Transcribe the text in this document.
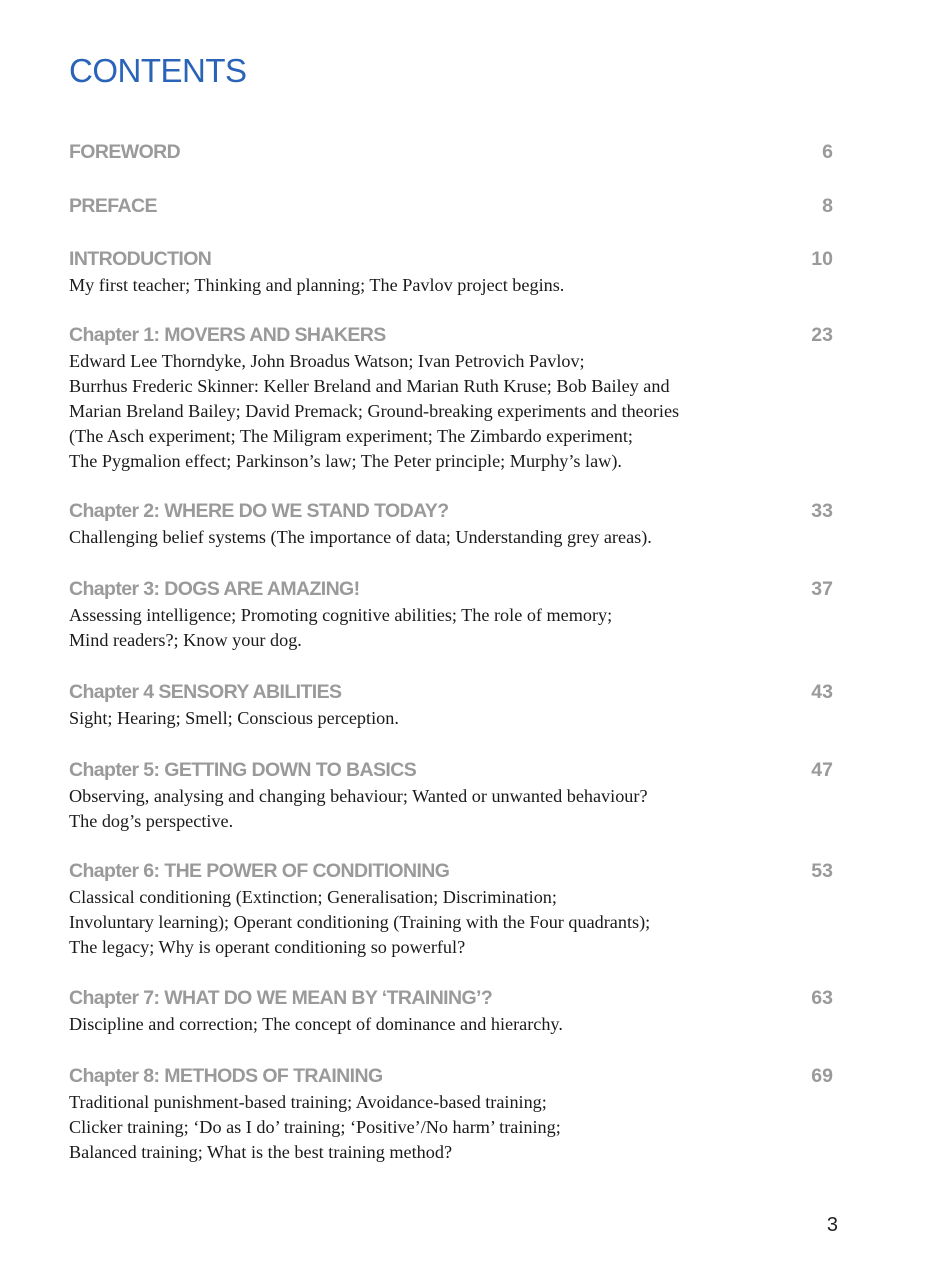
CONTENTS
FOREWORD	6
PREFACE	8
INTRODUCTION	10
My first teacher; Thinking and planning; The Pavlov project begins.
Chapter 1: MOVERS AND SHAKERS	23
Edward Lee Thorndyke, John Broadus Watson; Ivan Petrovich Pavlov;
Burrhus Frederic Skinner: Keller Breland and Marian Ruth Kruse; Bob Bailey and
Marian Breland Bailey; David Premack; Ground-breaking experiments and theories
(The Asch experiment; The Miligram experiment; The Zimbardo experiment;
The Pygmalion effect; Parkinson’s law; The Peter principle; Murphy’s law).
Chapter 2: WHERE DO WE STAND TODAY?	33
Challenging belief systems (The importance of data; Understanding grey areas).
Chapter 3: DOGS ARE AMAZING!	37
Assessing intelligence; Promoting cognitive abilities; The role of memory;
Mind readers?; Know your dog.
Chapter 4 SENSORY ABILITIES	43
Sight; Hearing; Smell; Conscious perception.
Chapter 5: GETTING DOWN TO BASICS	47
Observing, analysing and changing behaviour; Wanted or unwanted behaviour?
The dog’s perspective.
Chapter 6: THE POWER OF CONDITIONING	53
Classical conditioning (Extinction; Generalisation; Discrimination;
Involuntary learning); Operant conditioning (Training with the Four quadrants);
The legacy; Why is operant conditioning so powerful?
Chapter 7: WHAT DO WE MEAN BY ‘TRAINING’?	63
Discipline and correction; The concept of dominance and hierarchy.
Chapter 8: METHODS OF TRAINING	69
Traditional punishment-based training; Avoidance-based training;
Clicker training; ‘Do as I do’ training; ‘Positive’/No harm’ training;
Balanced training; What is the best training method?
3
